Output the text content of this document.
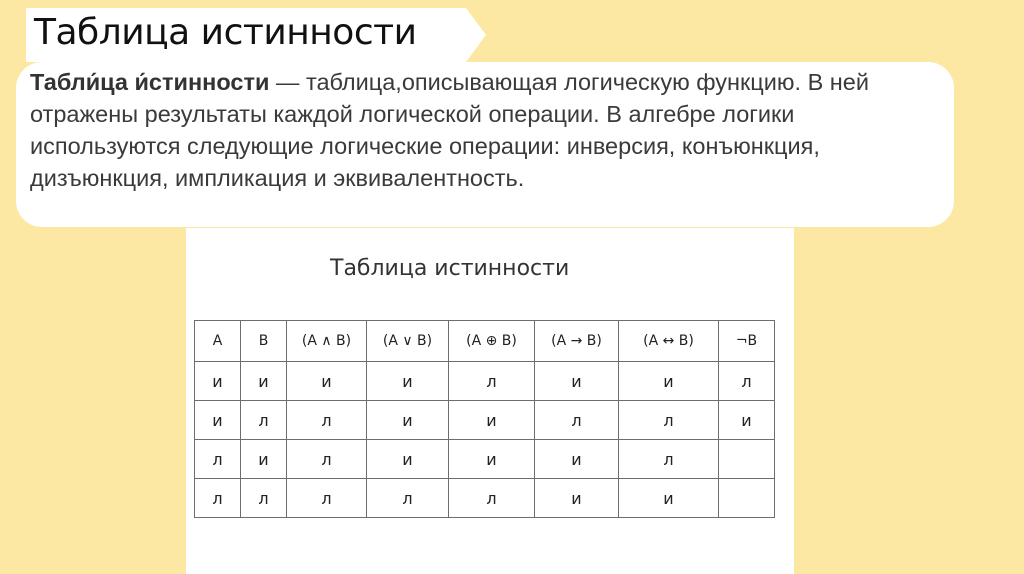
Таблица истинности
Табли́ца и́стинности — таблица,описывающая логическую функцию. В ней отражены результаты каждой логической операции. В алгебре логики используются следующие логические операции: инверсия, конъюнкция, дизъюнкция, импликация и эквивалентность.
Таблица истинности
А	В	(А ∧ В)	(А ∨ В)	(А ⊕ В)	(А → В)	(А ↔ В)	¬В
и	и	и	и	л	и	и	л
и	л	л	и	и	л	л	и
л	и	л	и	и	и	л	
л	л	л	л	л	и	и	
